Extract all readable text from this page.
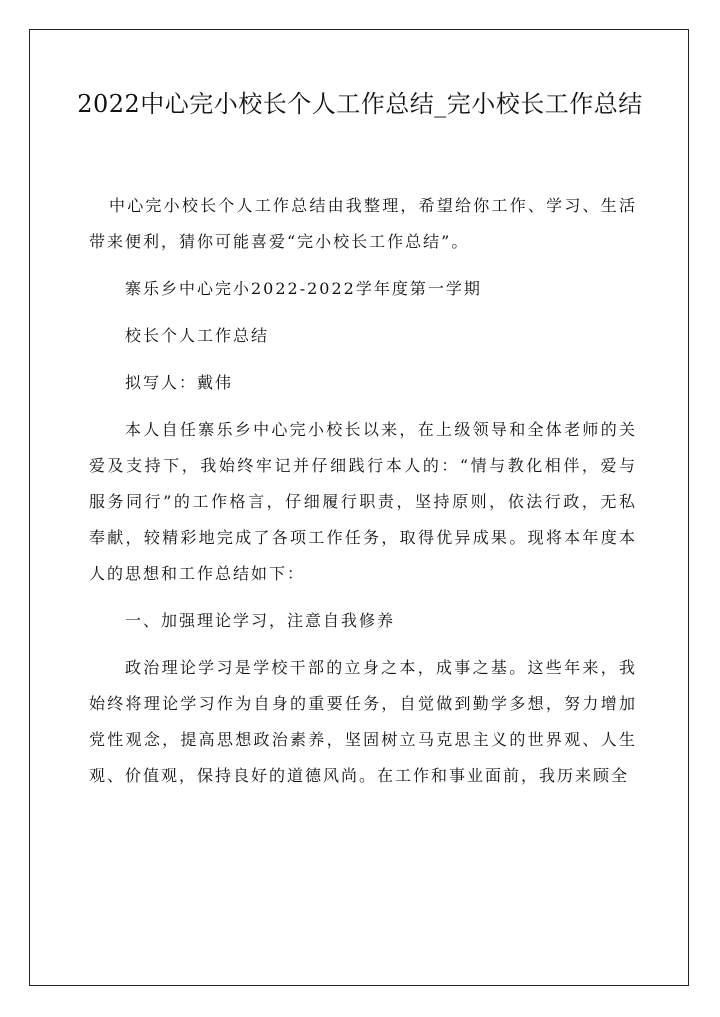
2022中心完小校长个人工作总结_完小校长工作总结

中心完小校长个人工作总结由我整理，希望给你工作、学习、生活带来便利，猜你可能喜爱“完小校长工作总结”。

寨乐乡中心完小2022-2022学年度第一学期

校长个人工作总结

拟写人：戴伟

本人自任寨乐乡中心完小校长以来，在上级领导和全体老师的关爱及支持下，我始终牢记并仔细践行本人的：“情与教化相伴，爱与服务同行”的工作格言，仔细履行职责，坚持原则，依法行政，无私奉献，较精彩地完成了各项工作任务，取得优异成果。现将本年度本人的思想和工作总结如下：

一、加强理论学习，注意自我修养

政治理论学习是学校干部的立身之本，成事之基。这些年来，我始终将理论学习作为自身的重要任务，自觉做到勤学多想，努力增加党性观念，提高思想政治素养，坚固树立马克思主义的世界观、人生观、价值观，保持良好的道德风尚。在工作和事业面前，我历来顾全
